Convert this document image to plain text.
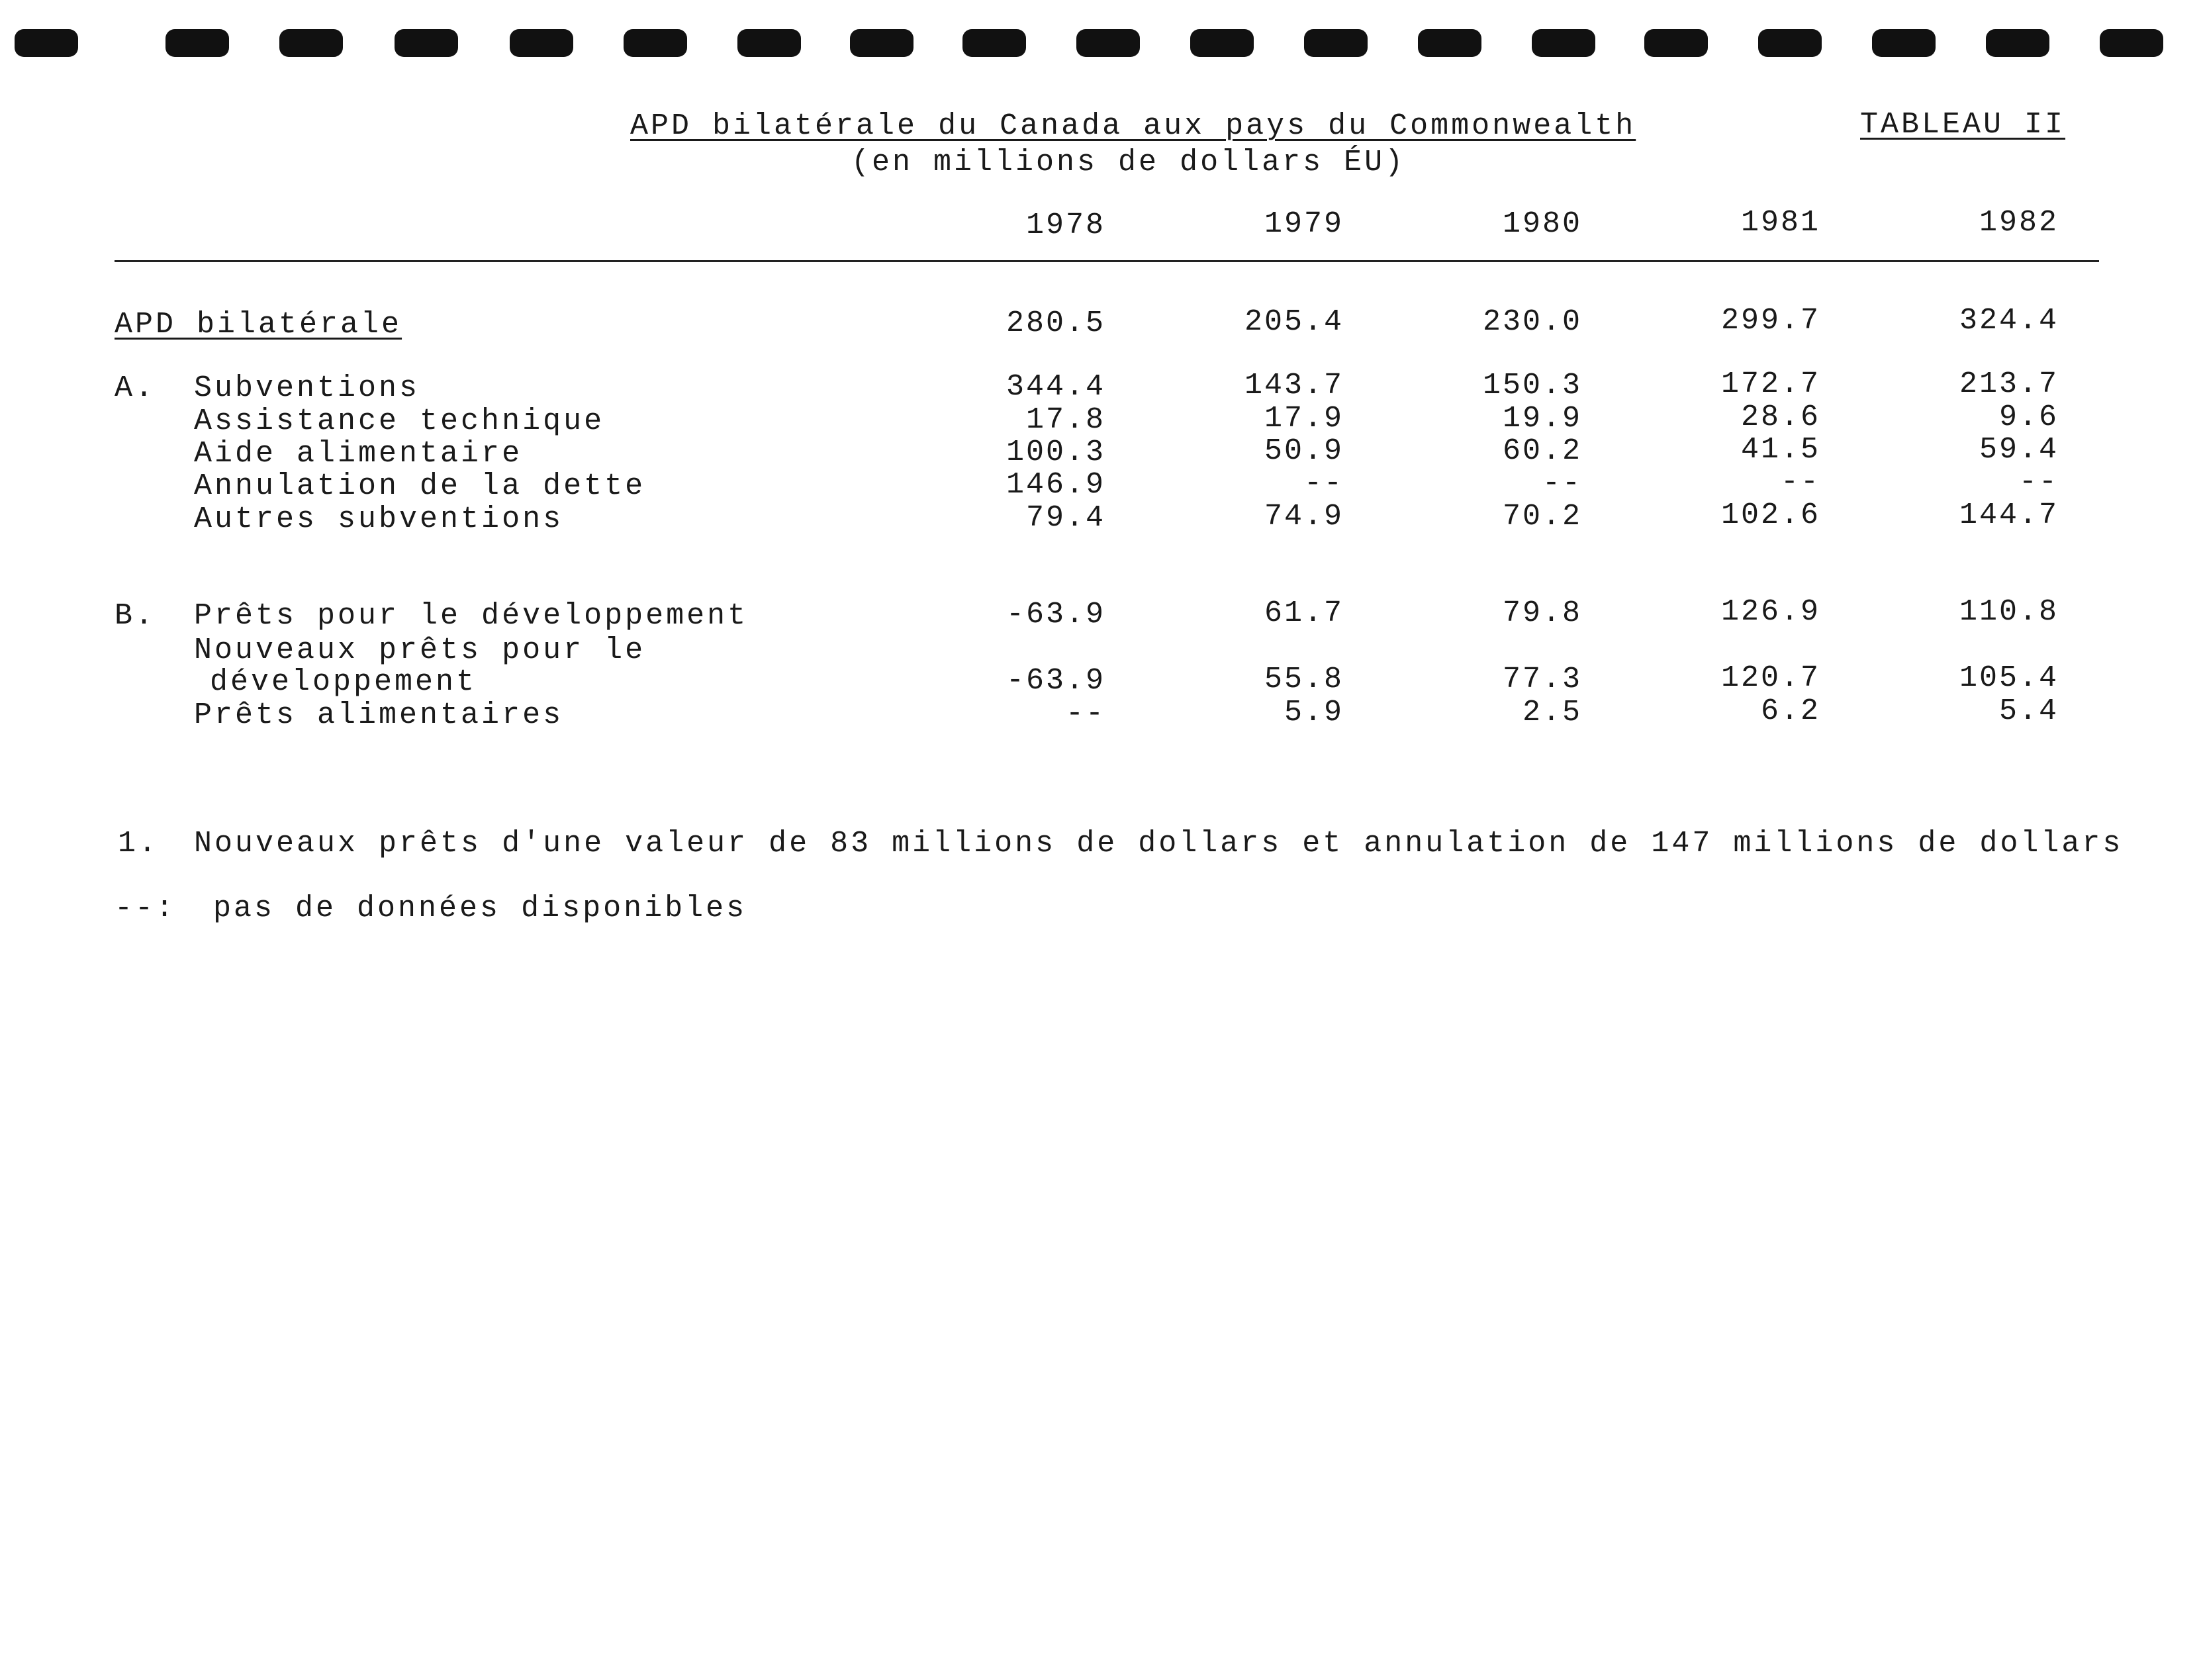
APD bilatérale du Canada aux pays du Commonwealth
(en millions de dollars ÉU)
TABLEAU II
1978	1979	1980	1981	1982
APD bilatérale	280.5	205.4	230.0	299.7	324.4
A. Subventions	344.4	143.7	150.3	172.7	213.7
Assistance technique	17.8	17.9	19.9	28.6	9.6
Aide alimentaire	100.3	50.9	60.2	41.5	59.4
Annulation de la dette	146.9	--	--	--	--
Autres subventions	79.4	74.9	70.2	102.6	144.7
B. Prêts pour le développement	-63.9	61.7	79.8	126.9	110.8
Nouveaux prêts pour le
développement	-63.9	55.8	77.3	120.7	105.4
Prêts alimentaires	--	5.9	2.5	6.2	5.4
1. Nouveaux prêts d'une valeur de 83 millions de dollars et annulation de 147 millions de dollars
--: pas de données disponibles
